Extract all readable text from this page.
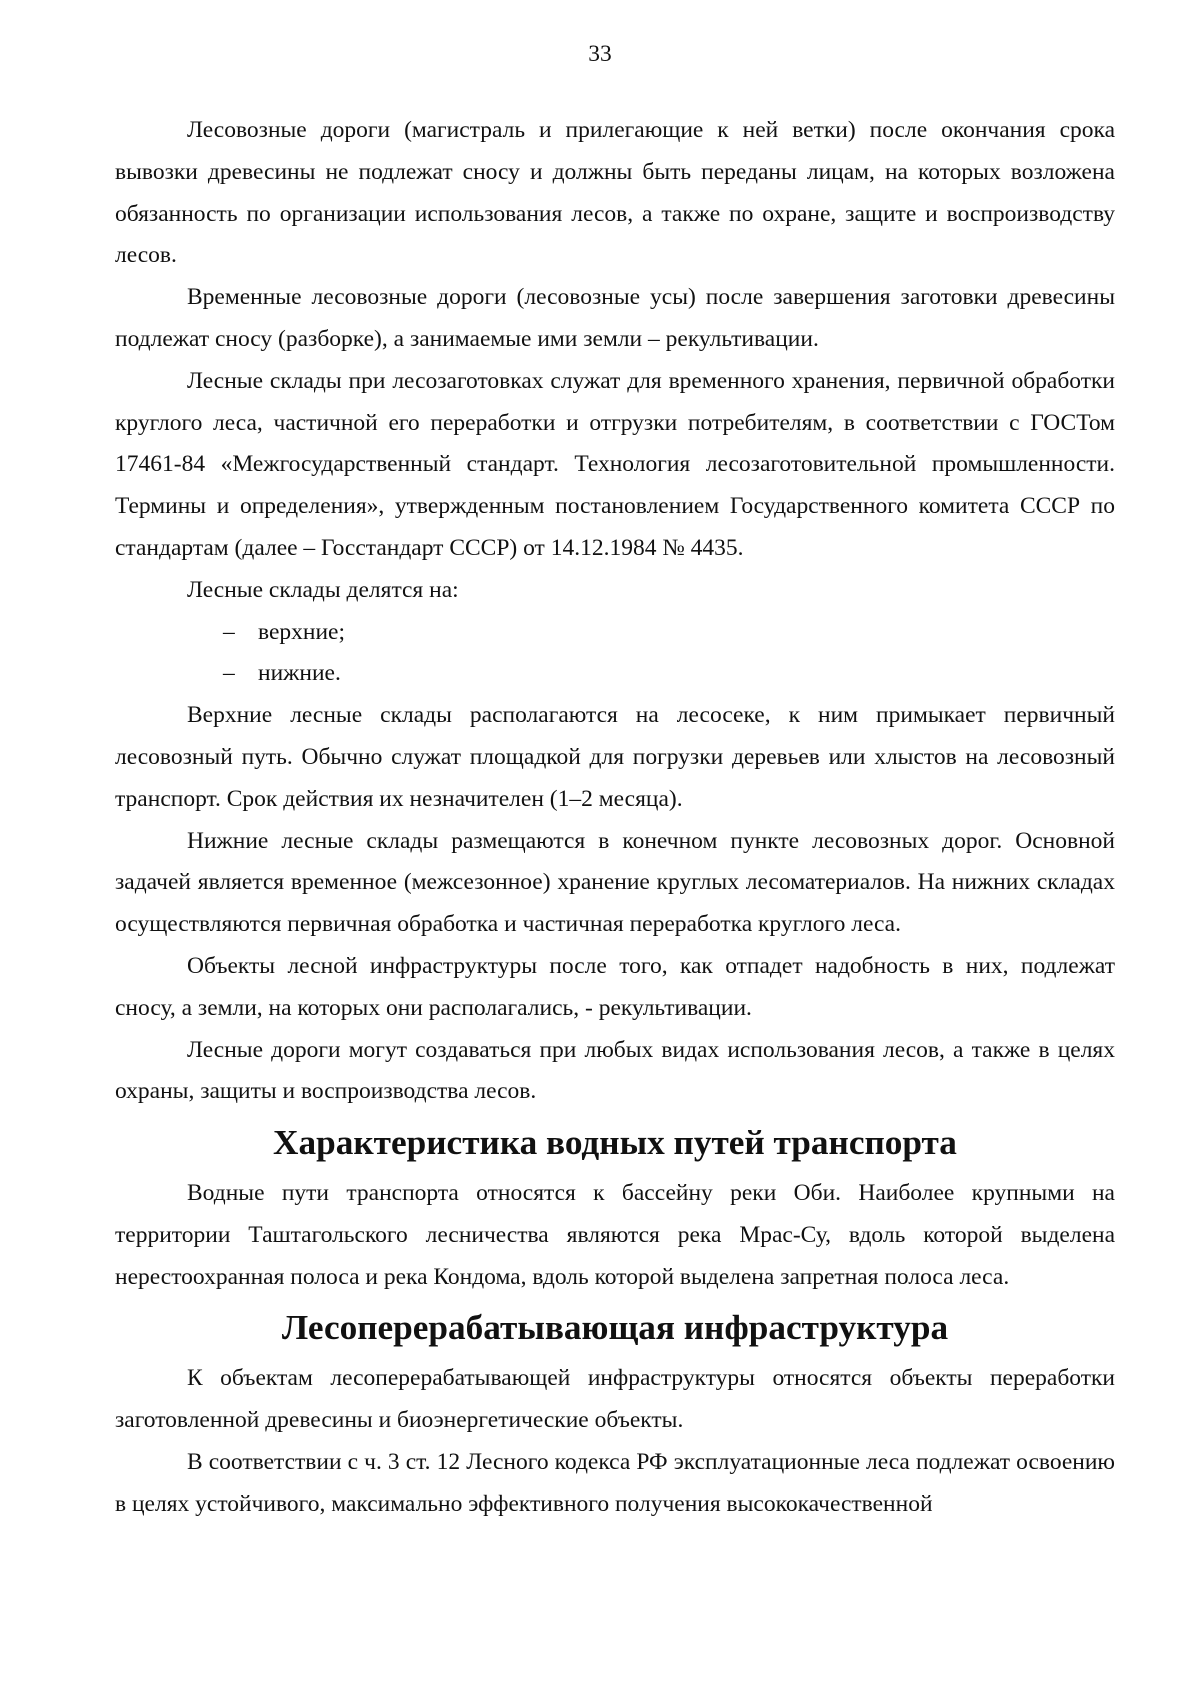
33

Лесовозные дороги (магистраль и прилегающие к ней ветки) после окончания срока вывозки древесины не подлежат сносу и должны быть переданы лицам, на которых возложена обязанность по организации использования лесов, а также по охране, защите и воспроизводству лесов.

Временные лесовозные дороги (лесовозные усы) после завершения заготовки древесины подлежат сносу (разборке), а занимаемые ими земли – рекультивации.

Лесные склады при лесозаготовках служат для временного хранения, первичной обработки круглого леса, частичной его переработки и отгрузки потребителям, в соответствии с ГОСТом 17461-84 «Межгосударственный стандарт. Технология лесозаготовительной промышленности. Термины и определения», утвержденным постановлением Государственного комитета СССР по стандартам (далее – Госстандарт СССР) от 14.12.1984 № 4435.

Лесные склады делятся на:

– верхние;
– нижние.

Верхние лесные склады располагаются на лесосеке, к ним примыкает первичный лесовозный путь. Обычно служат площадкой для погрузки деревьев или хлыстов на лесовозный транспорт. Срок действия их незначителен (1–2 месяца).

Нижние лесные склады размещаются в конечном пункте лесовозных дорог. Основной задачей является временное (межсезонное) хранение круглых лесоматериалов. На нижних складах осуществляются первичная обработка и частичная переработка круглого леса.

Объекты лесной инфраструктуры после того, как отпадет надобность в них, подлежат сносу, а земли, на которых они располагались, - рекультивации.

Лесные дороги могут создаваться при любых видах использования лесов, а также в целях охраны, защиты и воспроизводства лесов.

Характеристика водных путей транспорта

Водные пути транспорта относятся к бассейну реки Оби. Наиболее крупными на территории Таштагольского лесничества являются река Мрас-Су, вдоль которой выделена нерестоохранная полоса и река Кондома, вдоль которой выделена запретная полоса леса.

Лесоперерабатывающая инфраструктура

К объектам лесоперерабатывающей инфраструктуры относятся объекты переработки заготовленной древесины и биоэнергетические объекты.

В соответствии с ч. 3 ст. 12 Лесного кодекса РФ эксплуатационные леса подлежат освоению в целях устойчивого, максимально эффективного получения высококачественной
